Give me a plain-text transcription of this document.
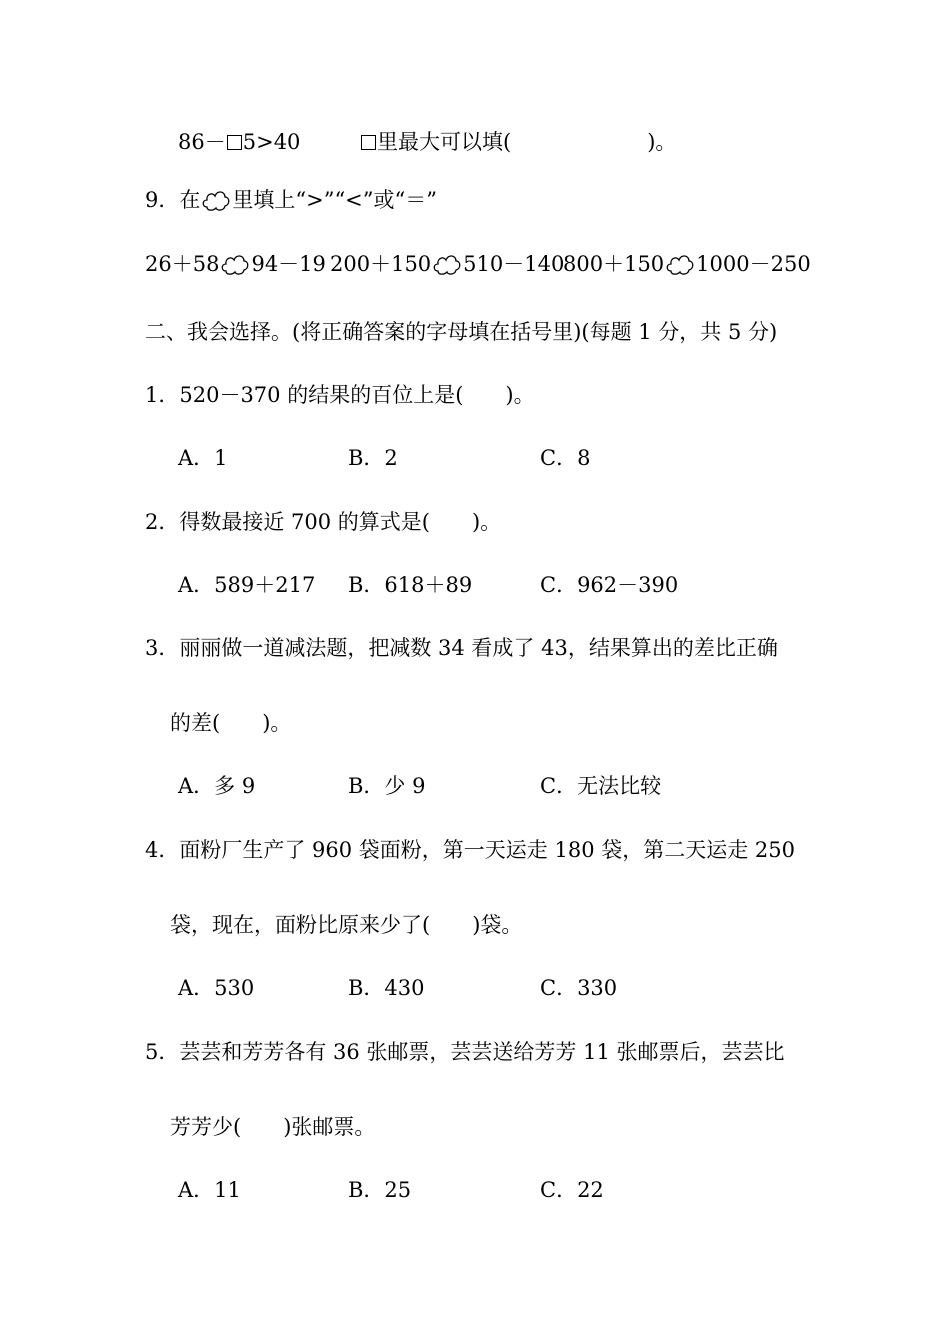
86－ 5>40	里最大可以填(	)。
9．在 里填上“>”“<”或“＝”
26＋58 94－19 200＋150 510－140
800＋150 1000－250
二、我会选择。(将正确答案的字母填在括号里)(每题 1 分，共 5 分)
1．520－370 的结果的百位上是(　　)。
A．1	B．2	C．8
2．得数最接近 700 的算式是(　　)。
A．589＋217 B．618＋89	C．962－390
3．丽丽做一道减法题，把减数 34 看成了 43，结果算出的差比正确
的差(　　)。
A．多 9	B．少 9	C．无法比较
4．面粉厂生产了 960 袋面粉，第一天运走 180 袋，第二天运走 250
袋，现在，面粉比原来少了(　　)袋。
A．530	B．430	C．330
5．芸芸和芳芳各有 36 张邮票，芸芸送给芳芳 11 张邮票后，芸芸比
芳芳少(　　)张邮票。
A．11	B．25	C．22
